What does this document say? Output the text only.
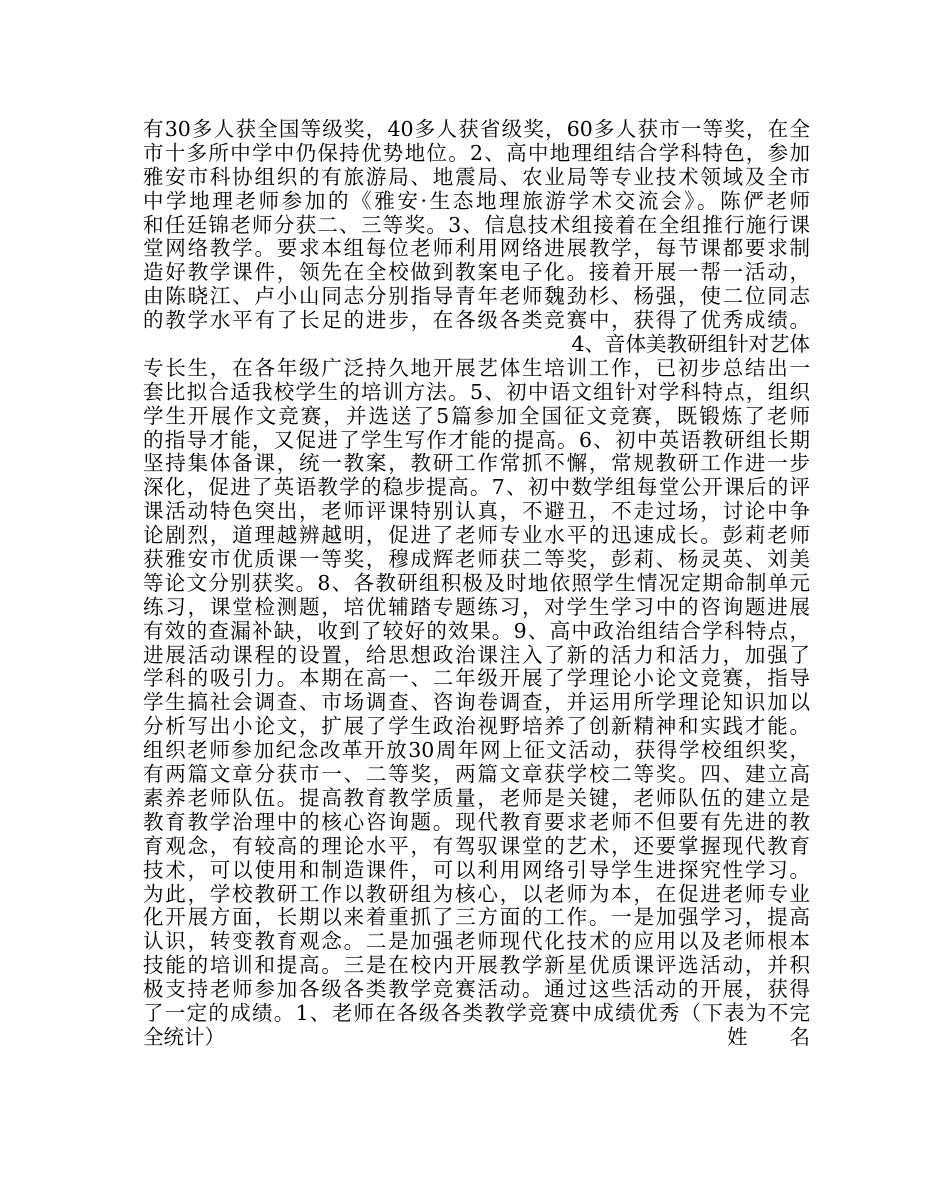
有30多人获全国等级奖，40多人获省级奖，60多人获市一等奖，在全
市十多所中学中仍保持优势地位。2、高中地理组结合学科特色，参加
雅安市科协组织的有旅游局、地震局、农业局等专业技术领域及全市
中学地理老师参加的《雅安·生态地理旅游学术交流会》。陈俨老师
和任廷锦老师分获二、三等奖。3、信息技术组接着在全组推行施行课
堂网络教学。要求本组每位老师利用网络进展教学，每节课都要求制
造好教学课件，领先在全校做到教案电子化。接着开展一帮一活动，
由陈晓江、卢小山同志分别指导青年老师魏劲杉、杨强，使二位同志
的教学水平有了长足的进步，在各级各类竞赛中，获得了优秀成绩。
4、音体美教研组针对艺体
专长生，在各年级广泛持久地开展艺体生培训工作，已初步总结出一
套比拟合适我校学生的培训方法。5、初中语文组针对学科特点，组织
学生开展作文竞赛，并选送了5篇参加全国征文竞赛，既锻炼了老师
的指导才能，又促进了学生写作才能的提高。6、初中英语教研组长期
坚持集体备课，统一教案，教研工作常抓不懈，常规教研工作进一步
深化，促进了英语教学的稳步提高。7、初中数学组每堂公开课后的评
课活动特色突出，老师评课特别认真，不避丑，不走过场，讨论中争
论剧烈，道理越辨越明，促进了老师专业水平的迅速成长。彭莉老师
获雅安市优质课一等奖，穆成辉老师获二等奖，彭莉、杨灵英、刘美
等论文分别获奖。8、各教研组积极及时地依照学生情况定期命制单元
练习，课堂检测题，培优辅踏专题练习，对学生学习中的咨询题进展
有效的查漏补缺，收到了较好的效果。9、高中政治组结合学科特点，
进展活动课程的设置，给思想政治课注入了新的活力和活力，加强了
学科的吸引力。本期在高一、二年级开展了学理论小论文竞赛，指导
学生搞社会调查、市场调查、咨询卷调查，并运用所学理论知识加以
分析写出小论文，扩展了学生政治视野培养了创新精神和实践才能。
组织老师参加纪念改革开放30周年网上征文活动，获得学校组织奖，
有两篇文章分获市一、二等奖，两篇文章获学校二等奖。四、建立高
素养老师队伍。提高教育教学质量，老师是关键，老师队伍的建立是
教育教学治理中的核心咨询题。现代教育要求老师不但要有先进的教
育观念，有较高的理论水平，有驾驭课堂的艺术，还要掌握现代教育
技术，可以使用和制造课件，可以利用网络引导学生进探究性学习。
为此，学校教研工作以教研组为核心，以老师为本，在促进老师专业
化开展方面，长期以来着重抓了三方面的工作。一是加强学习，提高
认识，转变教育观念。二是加强老师现代化技术的应用以及老师根本
技能的培训和提高。三是在校内开展教学新星优质课评选活动，并积
极支持老师参加各级各类教学竞赛活动。通过这些活动的开展，获得
了一定的成绩。1、老师在各级各类教学竞赛中成绩优秀（下表为不完
全统计）	姓 名
